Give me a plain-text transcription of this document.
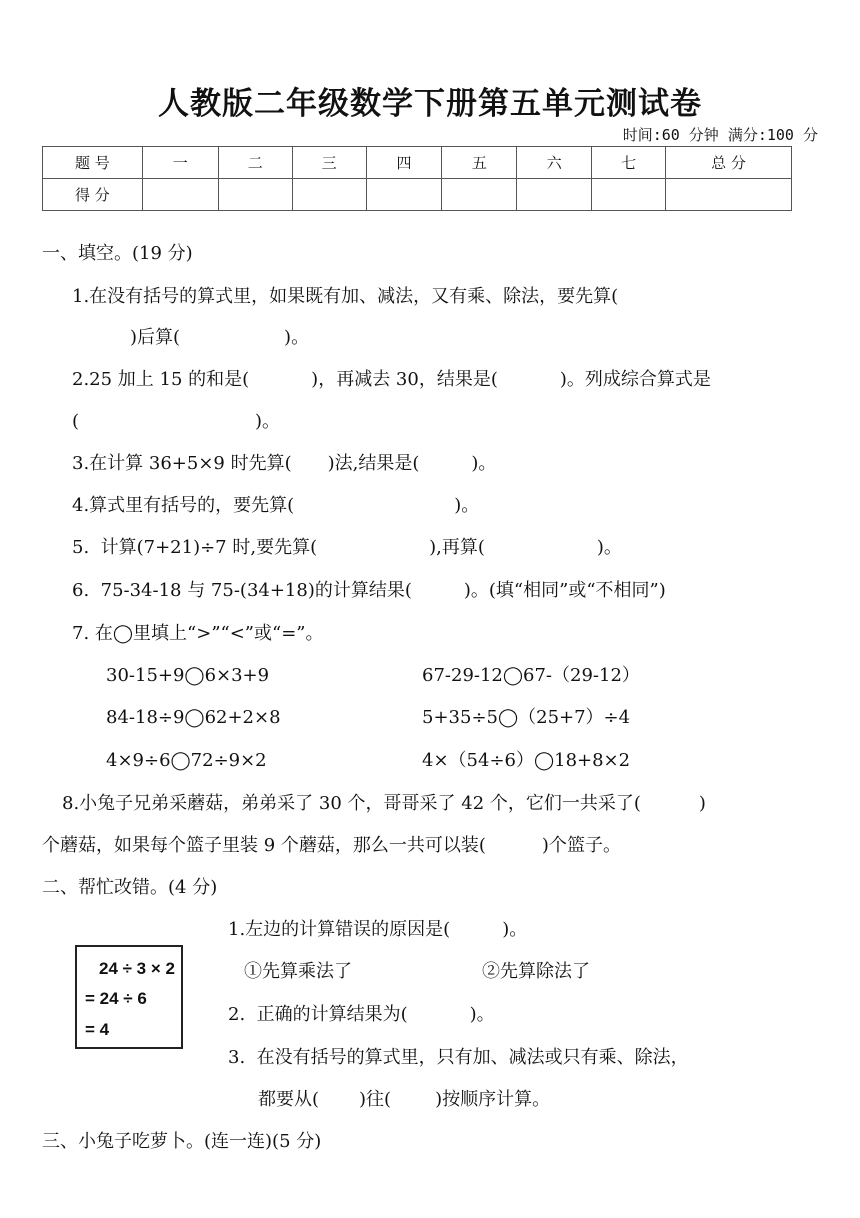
人教版二年级数学下册第五单元测试卷
时间:60 分钟 满分:100 分
题 号	一	二	三	四	五	六	七	总 分
得 分								
一、填空。(19 分)
1.在没有括号的算式里，如果既有加、减法，又有乘、除法，要先算(
)后算(	)。
2.25 加上 15 的和是(	)，再减去 30，结果是(	)。列成综合算式是
(	)。
3.在计算 36+5×9 时先算( )法,结果是(	)。
4.算式里有括号的，要先算(	)。
5.  计算(7+21)÷7 时,要先算(	),再算(	)。
6.  75-34-18 与 75-(34+18)的计算结果(	)。(填“相同”或“不相同”)
7. 在◯里填上“>”“<”或“=”。
30-15+9◯6×3+9	67-29-12◯67-（29-12）
84-18÷9◯62+2×8	5+35÷5◯（25+7）÷4
4×9÷6◯72÷9×2	4×（54÷6）◯18+8×2
8.小兔子兄弟采蘑菇，弟弟采了 30 个，哥哥采了 42 个，它们一共采了(	)
个蘑菇，如果每个篮子里装 9 个蘑菇，那么一共可以装(	)个篮子。
二、帮忙改错。(4 分)
24 ÷ 3 × 2
= 24 ÷ 6
= 4
1.左边的计算错误的原因是(	)。
①先算乘法了	②先算除法了
2.  正确的计算结果为(	)。
3.  在没有括号的算式里，只有加、减法或只有乘、除法，
都要从( )往( )按顺序计算。
三、小兔子吃萝卜。(连一连)(5 分)
